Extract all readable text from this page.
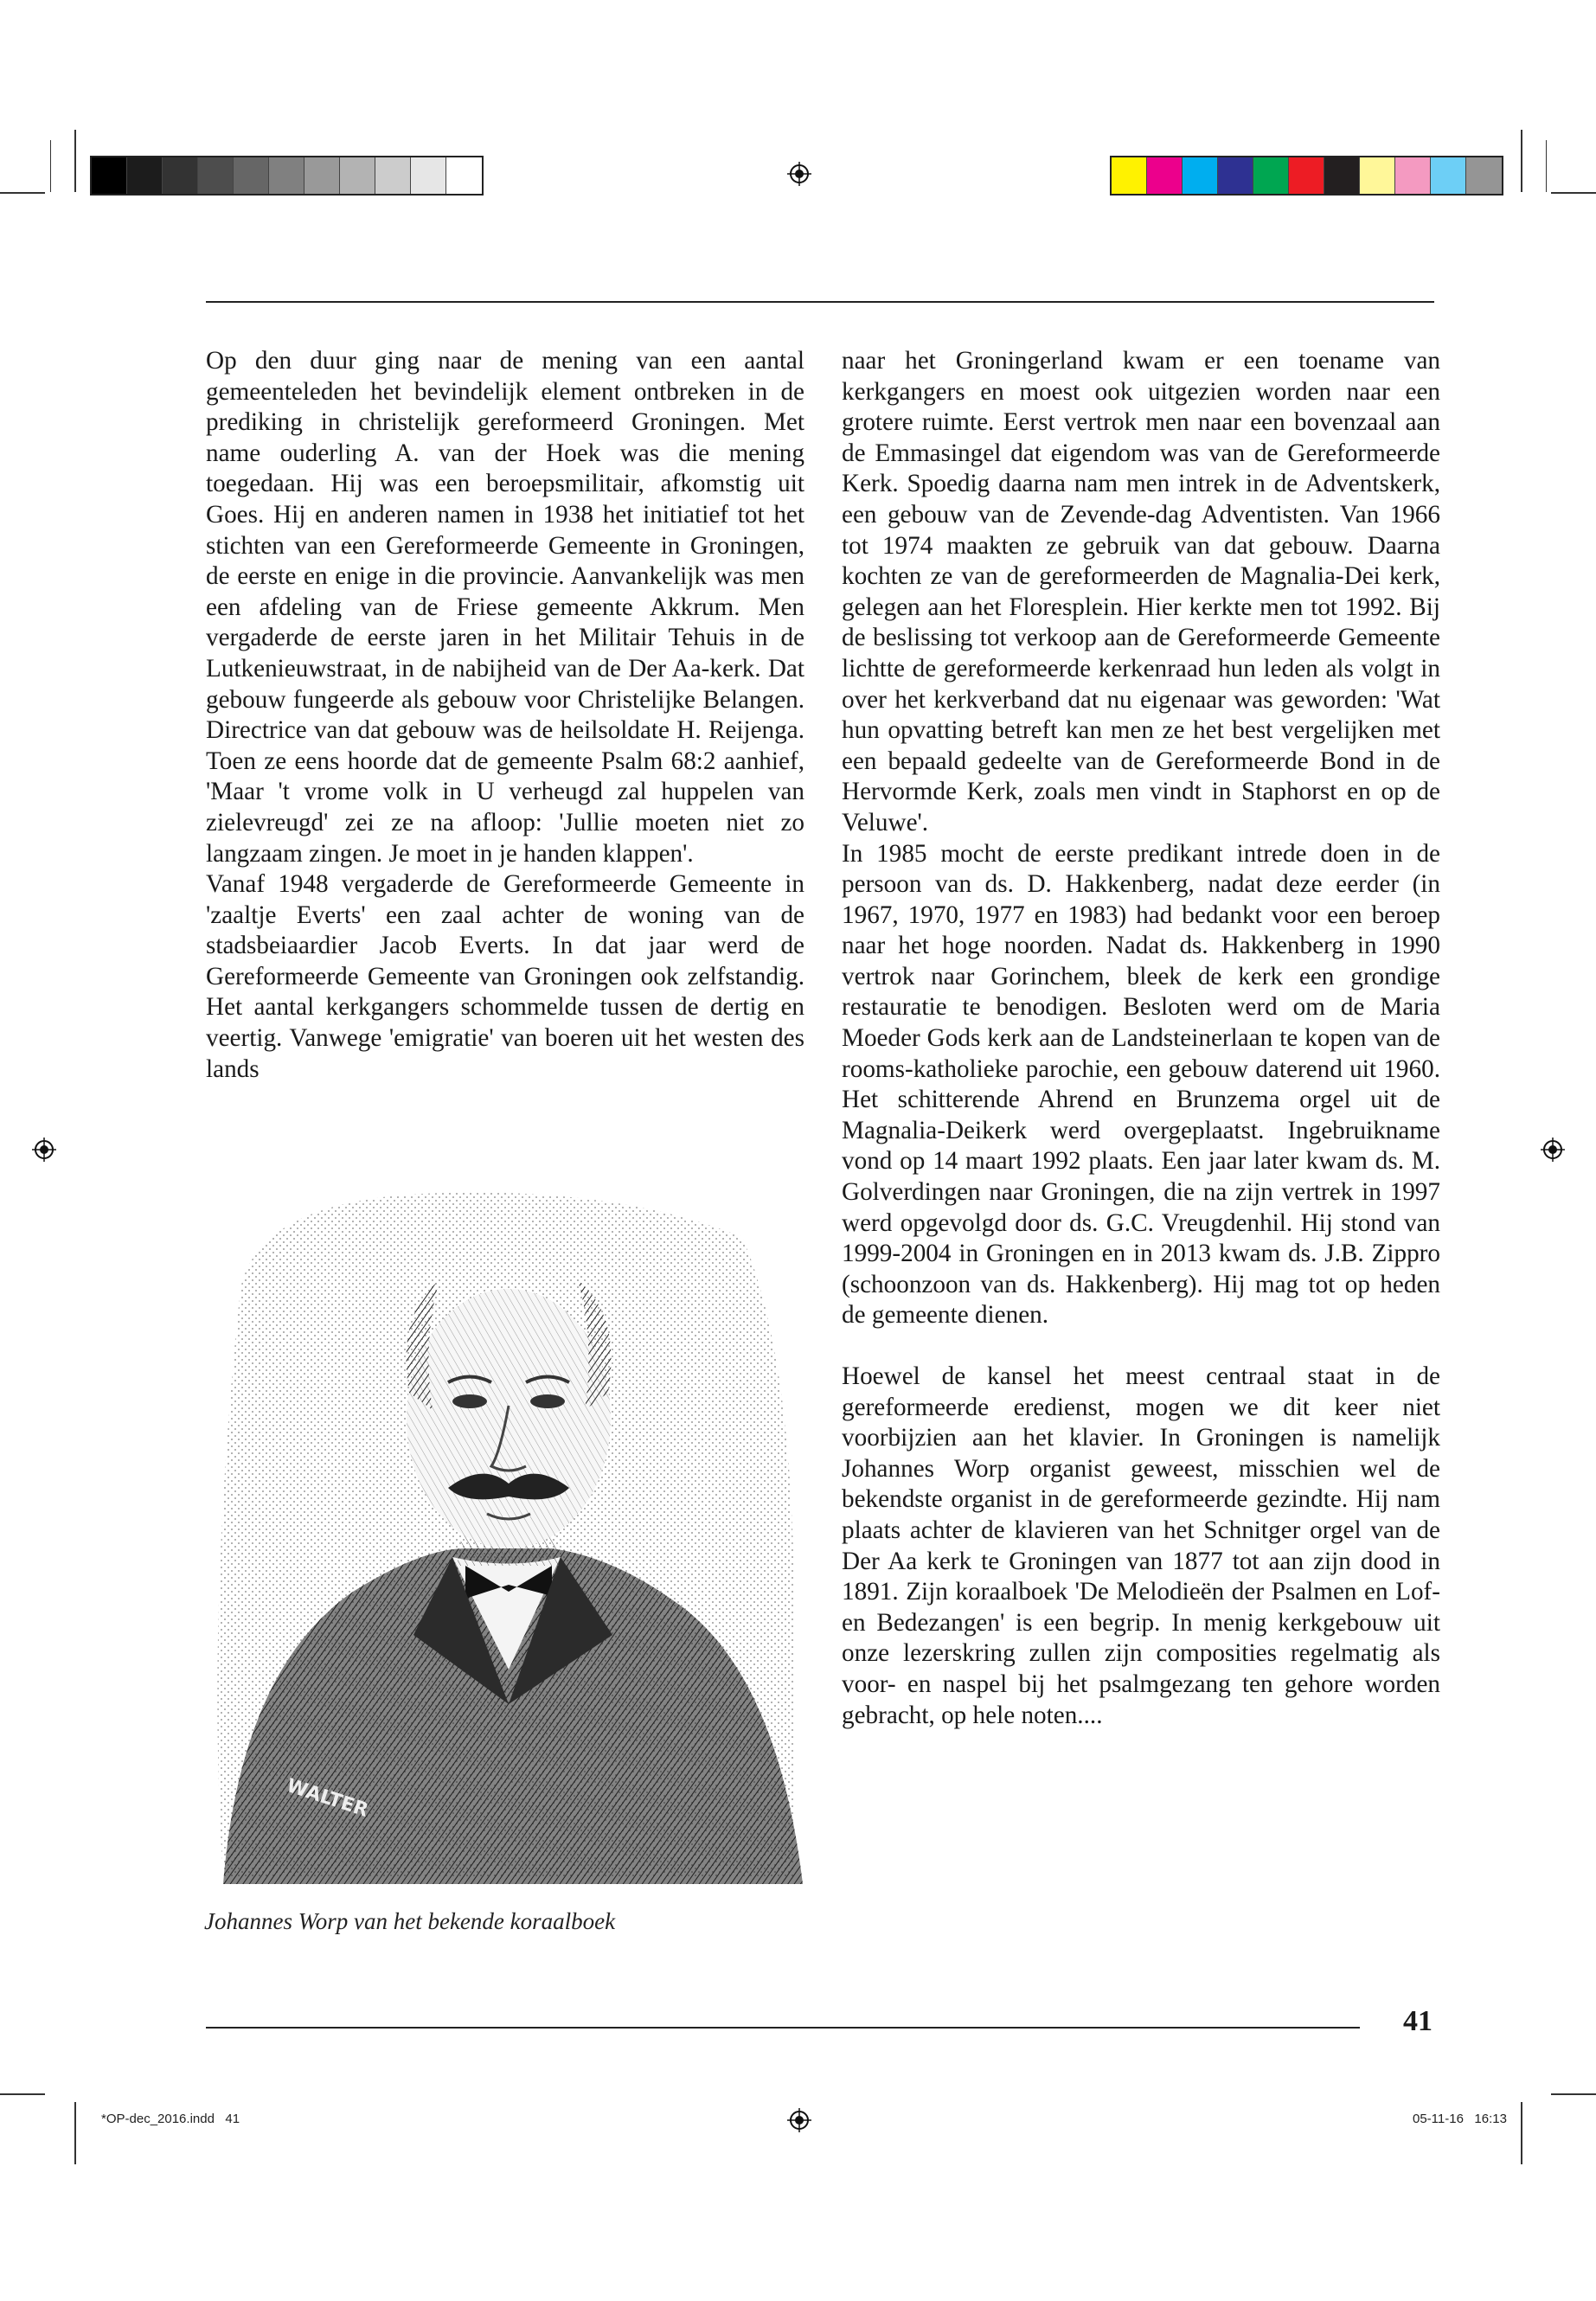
Op den duur ging naar de mening van een aantal gemeenteleden het bevindelijk element ontbreken in de prediking in christelijk gereformeerd Groningen. Met name ouderling A. van der Hoek was die mening toegedaan. Hij was een beroepsmilitair, afkomstig uit Goes. Hij en anderen namen in 1938 het initiatief tot het stichten van een Gereformeerde Gemeente in Groningen, de eerste en enige in die provincie. Aanvankelijk was men een afdeling van de Friese gemeente Akkrum. Men vergaderde de eerste jaren in het Militair Tehuis in de Lutkenieuwstraat, in de nabijheid van de Der Aa-kerk. Dat gebouw fungeerde als gebouw voor Christelijke Belangen. Directrice van dat gebouw was de heilsoldate H. Reijenga. Toen ze eens hoorde dat de gemeente Psalm 68:2 aanhief, 'Maar 't vrome volk in U verheugd zal huppelen van zielevreugd' zei ze na afloop: 'Jullie moeten niet zo langzaam zingen. Je moet in je handen klappen'.

Vanaf 1948 vergaderde de Gereformeerde Gemeente in 'zaaltje Everts' een zaal achter de woning van de stadsbeiaardier Jacob Everts. In dat jaar werd de Gereformeerde Gemeente van Groningen ook zelfstandig. Het aantal kerkgangers schommelde tussen de dertig en veertig. Vanwege 'emigratie' van boeren uit het westen des lands

naar het Groningerland kwam er een toename van kerkgangers en moest ook uitgezien worden naar een grotere ruimte. Eerst vertrok men naar een bovenzaal aan de Emmasingel dat eigendom was van de Gereformeerde Kerk. Spoedig daarna nam men intrek in de Adventskerk, een gebouw van de Zevende-dag Adventisten. Van 1966 tot 1974 maakten ze gebruik van dat gebouw. Daarna kochten ze van de gereformeerden de Magnalia-Dei kerk, gelegen aan het Floresplein. Hier kerkte men tot 1992. Bij de beslissing tot verkoop aan de Gereformeerde Gemeente lichtte de gereformeerde kerkenraad hun leden als volgt in over het kerkverband dat nu eigenaar was geworden: 'Wat hun opvatting betreft kan men ze het best vergelijken met een bepaald gedeelte van de Gereformeerde Bond in de Hervormde Kerk, zoals men vindt in Staphorst en op de Veluwe'.

In 1985 mocht de eerste predikant intrede doen in de persoon van ds. D. Hakkenberg, nadat deze eerder (in 1967, 1970, 1977 en 1983) had bedankt voor een beroep naar het hoge noorden. Nadat ds. Hakkenberg in 1990 vertrok naar Gorinchem, bleek de kerk een grondige restauratie te benodigen. Besloten werd om de Maria Moeder Gods kerk aan de Landsteinerlaan te kopen van de rooms-katholieke parochie, een gebouw daterend uit 1960. Het schitterende Ahrend en Brunzema orgel uit de Magnalia-Deikerk werd overgeplaatst. Ingebruikname vond op 14 maart 1992 plaats. Een jaar later kwam ds. M. Golverdingen naar Groningen, die na zijn vertrek in 1997 werd opgevolgd door ds. G.C. Vreugdenhil. Hij stond van 1999-2004 in Groningen en in 2013 kwam ds. J.B. Zippro (schoonzoon van ds. Hakkenberg). Hij mag tot op heden de gemeente dienen.

Hoewel de kansel het meest centraal staat in de gereformeerde eredienst, mogen we dit keer niet voorbijzien aan het klavier. In Groningen is namelijk Johannes Worp organist geweest, misschien wel de bekendste organist in de gereformeerde gezindte. Hij nam plaats achter de klavieren van het Schnitger orgel van de Der Aa kerk te Groningen van 1877 tot aan zijn dood in 1891. Zijn koraalboek 'De Melodieën der Psalmen en Lof- en Bedezangen' is een begrip. In menig kerkgebouw uit onze lezerskring zullen zijn composities regelmatig als voor- en naspel bij het psalmgezang ten gehore worden gebracht, op hele noten....

WALTER
Johannes Worp van het bekende koraalboek
41
*OP-dec_2016.indd   41	05-11-16   16:13
